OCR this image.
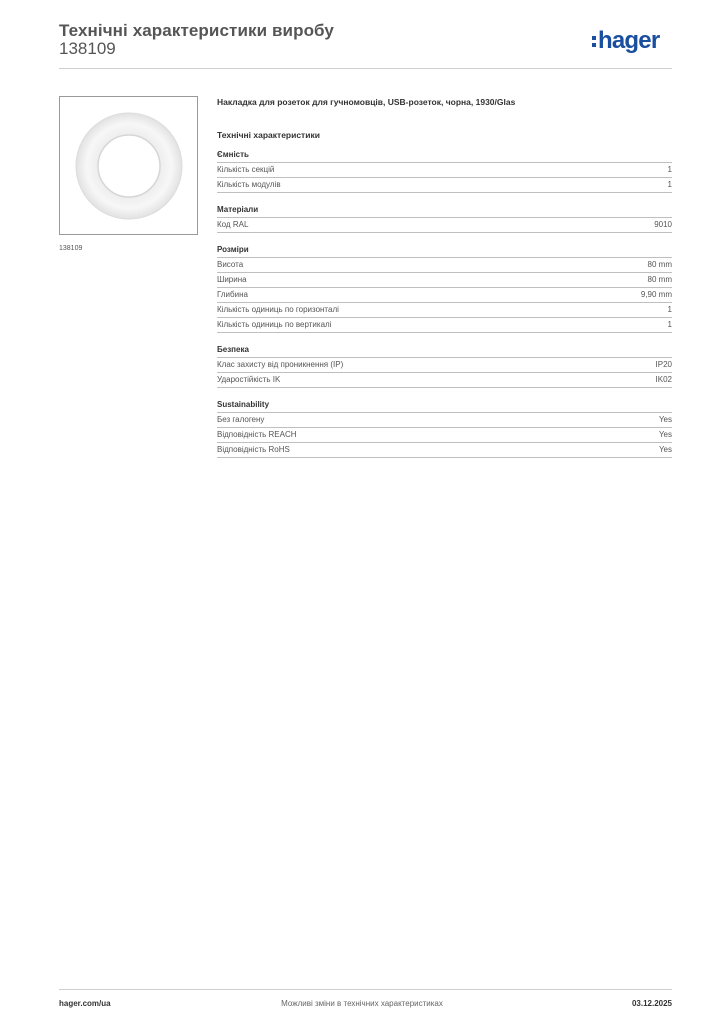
Технічні характеристики виробу
138109	hager
138109
Накладка для розеток для гучномовців, USB-розеток, чорна, 1930/Glas
Технічні характеристики
Ємність
Кількість секцій	1
Кількість модулів	1
Матеріали
Код RAL	9010
Розміри
Висота	80 mm
Ширина	80 mm
Глибина	9,90 mm
Кількість одиниць по горизонталі	1
Кількість одиниць по вертикалі	1
Безпека
Клас захисту від проникнення (IP)	IP20
Ударостійкість IK	IK02
Sustainability
Без галогену	Yes
Відповідність REACH	Yes
Відповідність RoHS	Yes
hager.com/ua	Можливі зміни в технічних характеристиках	03.12.2025
